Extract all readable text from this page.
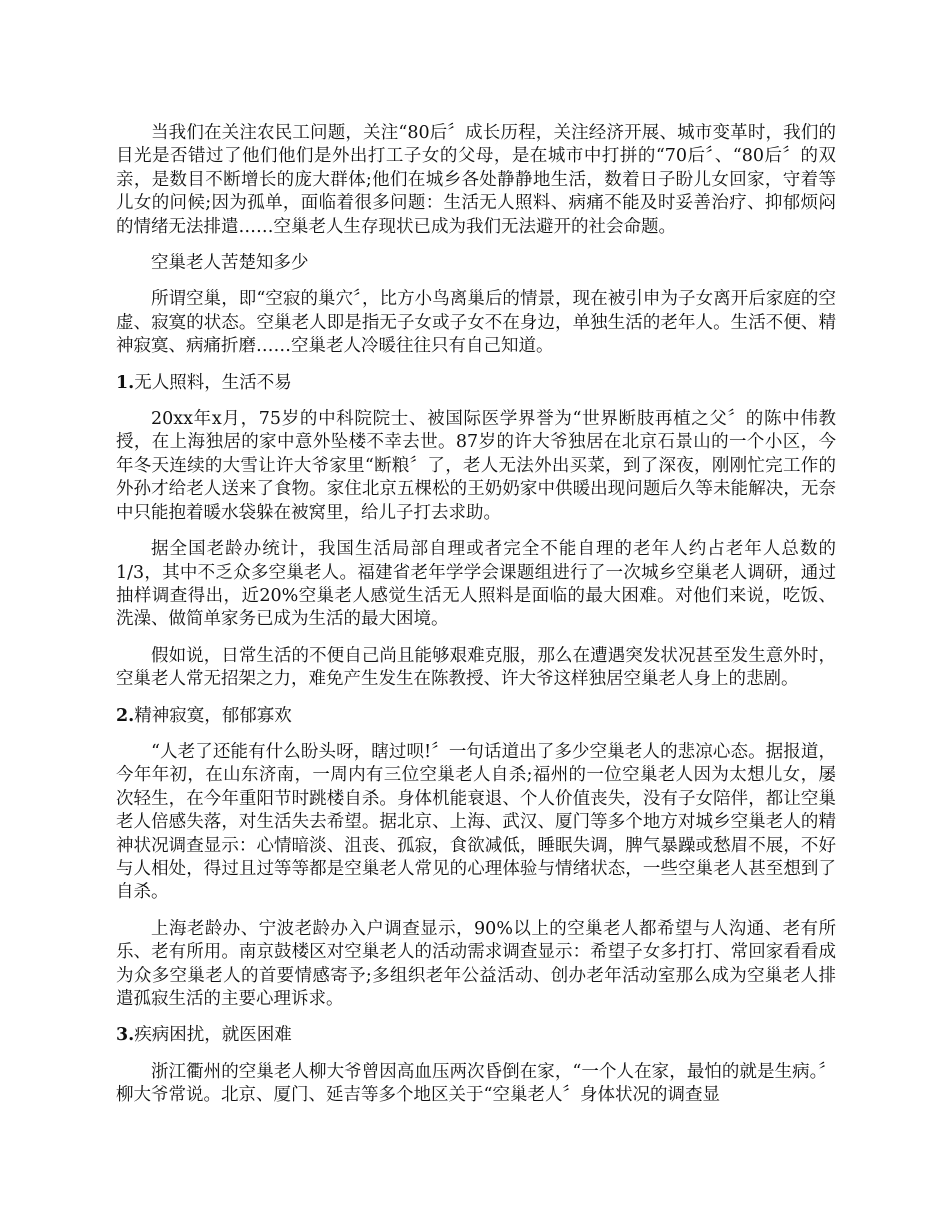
当我们在关注农民工问题，关注“80后〞成长历程，关注经济开展、城市变革时，我们的目光是否错过了他们他们是外出打工子女的父母，是在城市中打拼的“70后〞、“80后〞的双亲，是数目不断增长的庞大群体;他们在城乡各处静静地生活，数着日子盼儿女回家，守着等儿女的问候;因为孤单，面临着很多问题：生活无人照料、病痛不能及时妥善治疗、抑郁烦闷的情绪无法排遣……空巢老人生存现状已成为我们无法避开的社会命题。

空巢老人苦楚知多少

所谓空巢，即“空寂的巢穴〞，比方小鸟离巢后的情景，现在被引申为子女离开后家庭的空虚、寂寞的状态。空巢老人即是指无子女或子女不在身边，单独生活的老年人。生活不便、精神寂寞、病痛折磨……空巢老人冷暖往往只有自己知道。

1.无人照料，生活不易

20xx年x月，75岁的中科院院士、被国际医学界誉为“世界断肢再植之父〞的陈中伟教授，在上海独居的家中意外坠楼不幸去世。87岁的许大爷独居在北京石景山的一个小区，今年冬天连续的大雪让许大爷家里“断粮〞了，老人无法外出买菜，到了深夜，刚刚忙完工作的外孙才给老人送来了食物。家住北京五棵松的王奶奶家中供暖出现问题后久等未能解决，无奈中只能抱着暖水袋躲在被窝里，给儿子打去求助。

据全国老龄办统计，我国生活局部自理或者完全不能自理的老年人约占老年人总数的1/3，其中不乏众多空巢老人。福建省老年学学会课题组进行了一次城乡空巢老人调研，通过抽样调查得出，近20%空巢老人感觉生活无人照料是面临的最大困难。对他们来说，吃饭、洗澡、做简单家务已成为生活的最大困境。

假如说，日常生活的不便自己尚且能够艰难克服，那么在遭遇突发状况甚至发生意外时，空巢老人常无招架之力，难免产生发生在陈教授、许大爷这样独居空巢老人身上的悲剧。

2.精神寂寞，郁郁寡欢

“人老了还能有什么盼头呀，瞎过呗!〞一句话道出了多少空巢老人的悲凉心态。据报道，今年年初，在山东济南，一周内有三位空巢老人自杀;福州的一位空巢老人因为太想儿女，屡次轻生，在今年重阳节时跳楼自杀。身体机能衰退、个人价值丧失，没有子女陪伴，都让空巢老人倍感失落，对生活失去希望。据北京、上海、武汉、厦门等多个地方对城乡空巢老人的精神状况调查显示：心情暗淡、沮丧、孤寂，食欲减低，睡眠失调，脾气暴躁或愁眉不展，不好与人相处，得过且过等等都是空巢老人常见的心理体验与情绪状态，一些空巢老人甚至想到了自杀。

上海老龄办、宁波老龄办入户调查显示，90%以上的空巢老人都希望与人沟通、老有所乐、老有所用。南京鼓楼区对空巢老人的活动需求调查显示：希望子女多打打、常回家看看成为众多空巢老人的首要情感寄予;多组织老年公益活动、创办老年活动室那么成为空巢老人排遣孤寂生活的主要心理诉求。

3.疾病困扰，就医困难

浙江衢州的空巢老人柳大爷曾因高血压两次昏倒在家，“一个人在家，最怕的就是生病。〞柳大爷常说。北京、厦门、延吉等多个地区关于“空巢老人〞身体状况的调查显
